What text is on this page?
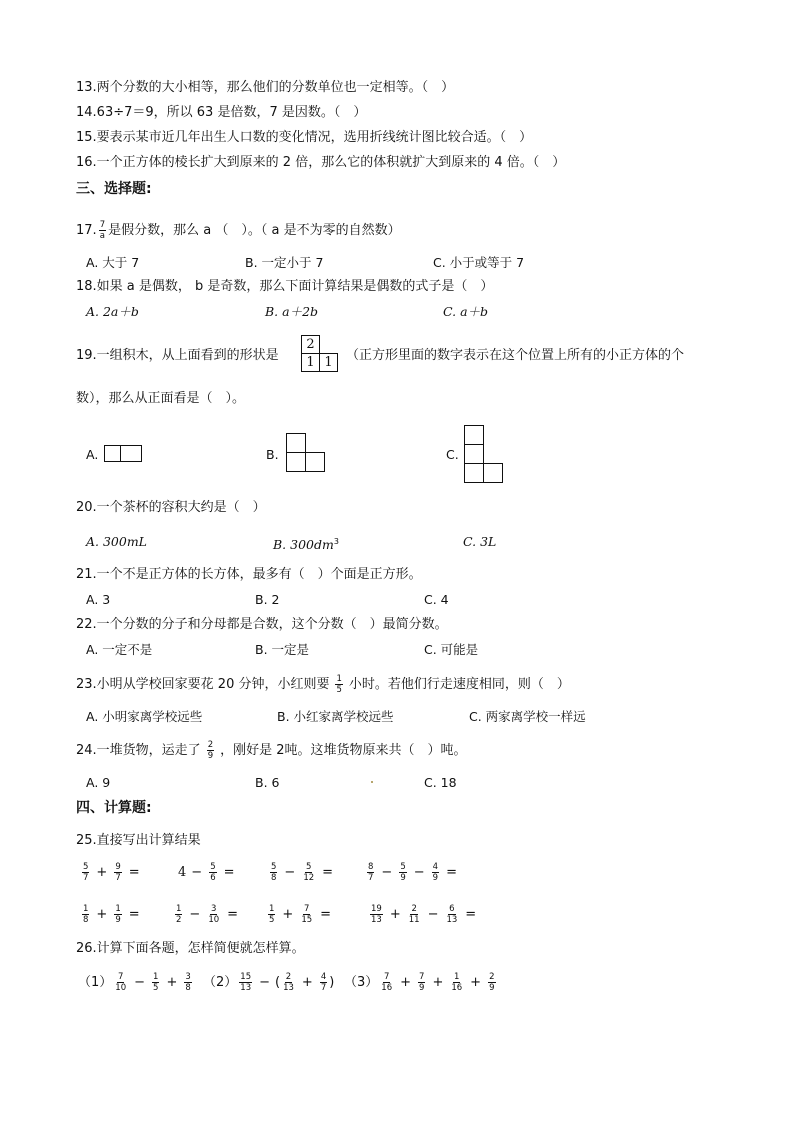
13.两个分数的大小相等，那么他们的分数单位也一定相等。（　）
14.63÷7＝9，所以 63 是倍数，7 是因数。（　）
15.要表示某市近几年出生人口数的变化情况，选用折线统计图比较合适。（　）
16.一个正方体的棱长扩大到原来的 2 倍，那么它的体积就扩大到原来的 4 倍。（　）
三、选择题:
17. $\frac{7}{a}$ 是假分数，那么 a （　）。（ a 是不为零的自然数）
A. 大于 7	B. 一定小于 7	C. 小于或等于 7
18.如果 a 是偶数， b 是奇数，那么下面计算结果是偶数的式子是（　）
A. 2a＋b	B. a＋2b	C. a＋b
19.一组积木，从上面看到的形状是
2
1 1	（正方形里面的数字表示在这个位置上所有的小正方体的个
数），那么从正面看是（　）。
A.	B.	C.
20.一个茶杯的容积大约是（　）
A. 300mL	B. $300dm^3$	C. 3L
21.一个不是正方体的长方体，最多有（　）个面是正方形。
A. 3	B. 2	C. 4
22.一个分数的分子和分母都是合数，这个分数（　）最简分数。
A. 一定不是	B. 一定是	C. 可能是
23.小明从学校回家要花 20 分钟，小红则要 $\frac{1}{5}$ 小时。若他们行走速度相同，则（　）
A. 小明家离学校远些	B. 小红家离学校远些	C. 两家离学校一样远
24.一堆货物，运走了 $\frac{2}{9}$ ，刚好是 2吨。这堆货物原来共（　）吨。
A. 9	B. 6	C. 18
四、计算题:
25.直接写出计算结果
$\frac{5}{7} + \frac{9}{7}$ =	$4 - \frac{5}{6}$ =	$\frac{5}{8} - \frac{5}{12}$ =	$\frac{8}{7} - \frac{5}{9} - \frac{4}{9}$ =
$\frac{1}{8} + \frac{1}{9}$ =	$\frac{1}{2} - \frac{3}{10}$ =	$\frac{1}{5} + \frac{7}{15}$ =	$\frac{19}{13} + \frac{2}{11} - \frac{6}{13}$ =
26.计算下面各题，怎样简便就怎样算。
$(1) \frac{7}{10} - \frac{1}{5} + \frac{3}{8} (2) \frac{15}{13}$ − ( $\frac{2}{13} + \frac{4}{7}$ ) $(3) \frac{7}{16} + \frac{7}{9} + \frac{1}{16} + \frac{2}{9}$
